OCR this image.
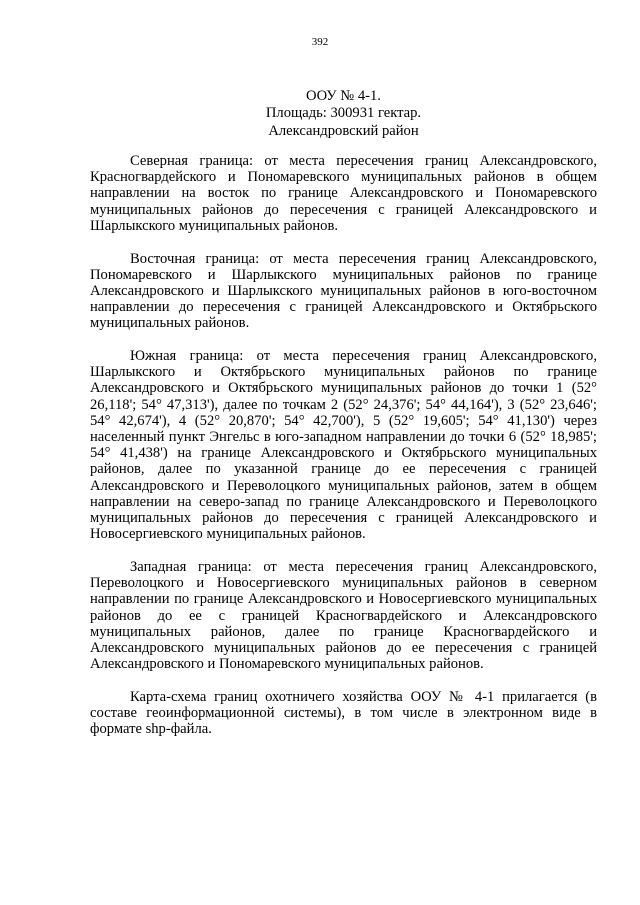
392
ООУ № 4-1.
Площадь: 300931 гектар.
Александровский район

Северная граница: от места пересечения границ Александровского, Красногвардейского и Пономаревского муниципальных районов в общем направлении на восток по границе Александровского и Пономаревского муниципальных районов до пересечения с границей Александровского и Шарлыкского муниципальных районов.

Восточная граница: от места пересечения границ Александровского, Пономаревского и Шарлыкского муниципальных районов по границе Александровского и Шарлыкского муниципальных районов в юго-восточном направлении до пересечения с границей Александровского и Октябрьского муниципальных районов.

Южная граница: от места пересечения границ Александровского, Шарлыкского и Октябрьского муниципальных районов по границе Александровского и Октябрьского муниципальных районов до точки 1 (52° 26,118'; 54° 47,313'), далее по точкам 2 (52° 24,376'; 54° 44,164'), 3 (52° 23,646'; 54° 42,674'), 4 (52° 20,870'; 54° 42,700'), 5 (52° 19,605'; 54° 41,130') через населенный пункт Энгельс в юго-западном направлении до точки 6 (52° 18,985'; 54° 41,438') на границе Александровского и Октябрьского муниципальных районов, далее по указанной границе до ее пересечения с границей Александровского и Переволоцкого муниципальных районов, затем в общем направлении на северо-запад по границе Александровского и Переволоцкого муниципальных районов до пересечения с границей Александровского и Новосергиевского муниципальных районов.

Западная граница: от места пересечения границ Александровского, Переволоцкого и Новосергиевского муниципальных районов в северном направлении по границе Александровского и Новосергиевского муниципальных районов до ее с границей Красногвардейского и Александровского муниципальных районов, далее по границе Красногвардейского и Александровского муниципальных районов до ее пересечения с границей Александровского и Пономаревского муниципальных районов.

Карта-схема границ охотничего хозяйства ООУ № 4-1 прилагается (в составе геоинформационной системы), в том числе в электронном виде в формате shp-файла.
